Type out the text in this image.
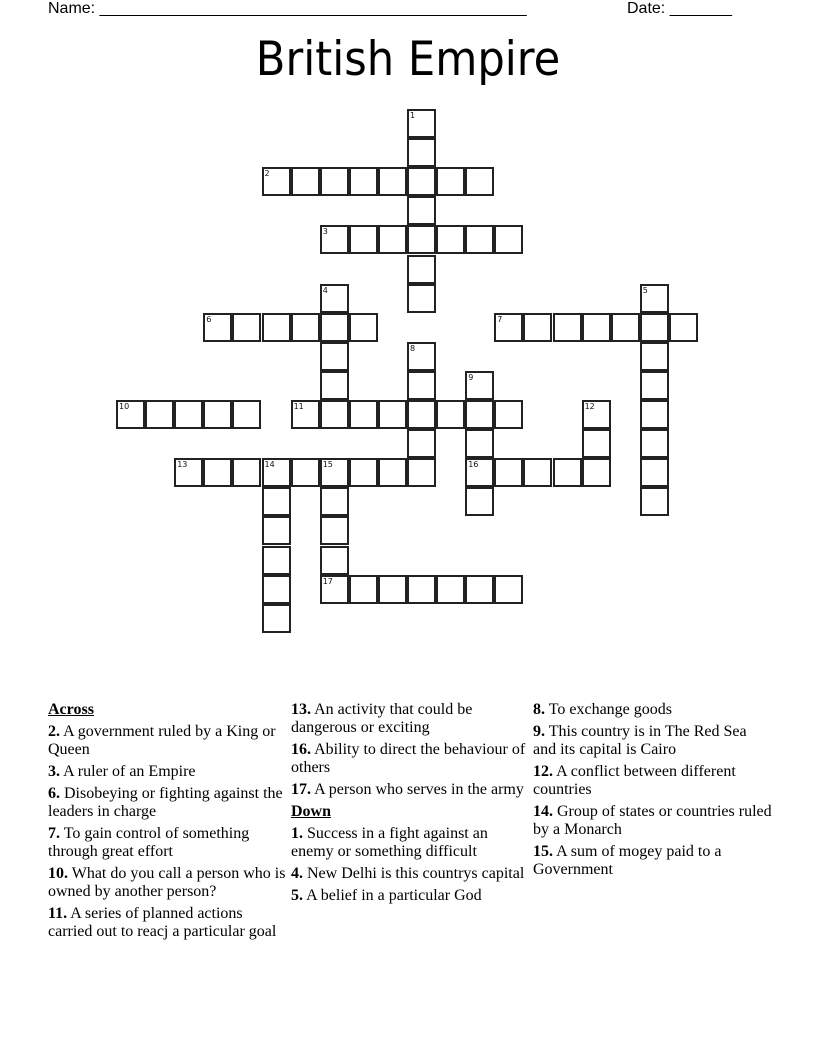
Name: ________________________________________________	Date: _______
British Empire
1
2
3
4	5
6	7
8
9
16
10	11	12
13	14	15
17
Across
2. A government ruled by a King or Queen
3. A ruler of an Empire
6. Disobeying or fighting against the leaders in charge
7. To gain control of something through great effort
10. What do you call a person who is owned by another person?
11. A series of planned actions carried out to reacj a particular goal
13. An activity that could be dangerous or exciting
16. Ability to direct the behaviour of others
17. A person who serves in the army
Down
1. Success in a fight against an enemy or something difficult
4. New Delhi is this countrys capital
5. A belief in a particular God
8. To exchange goods
9. This country is in The Red Sea and its capital is Cairo
12. A conflict between different countries
14. Group of states or countries ruled by a Monarch
15. A sum of mogey paid to a Government
